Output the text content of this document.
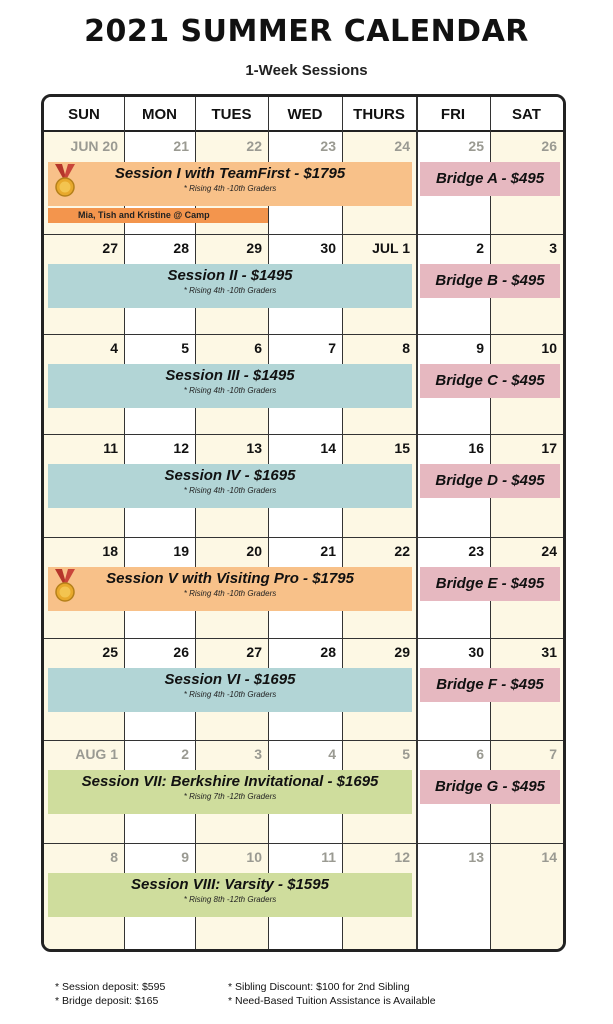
2021 SUMMER CALENDAR
1-Week Sessions
SUN	MON	TUES	WED	THURS	FRI	SAT
Mia, Tish and Kristine @ Camp
JUN 20	21	22	23	24	25	26
Session I with TeamFirst - $1795
* Rising 4th -10th Graders
Bridge A - $495
27	28	29	30	JUL 1	2	3
Session II - $1495
* Rising 4th -10th Graders
Bridge B - $495
4	5	6	7	8	9	10
Session III - $1495
* Rising 4th -10th Graders
Bridge C - $495
11	12	13	14	15	16	17
Session IV - $1695
* Rising 4th -10th Graders
Bridge D - $495
18	19	20	21	22	23	24
Session V with Visiting Pro - $1795
* Rising 4th -10th Graders
Bridge E - $495
25	26	27	28	29	30	31
Session VI - $1695
* Rising 4th -10th Graders
Bridge F - $495
AUG 1	2	3	4	5	6	7
Session VII: Berkshire Invitational - $1695
* Rising 7th -12th Graders
Bridge G - $495
8	9	10	11	12	13	14
Session VIII: Varsity - $1595
* Rising 8th -12th Graders
* Session deposit: $595
* Bridge deposit: $165
* Sibling Discount: $100 for 2nd Sibling
* Need-Based Tuition Assistance is Available
